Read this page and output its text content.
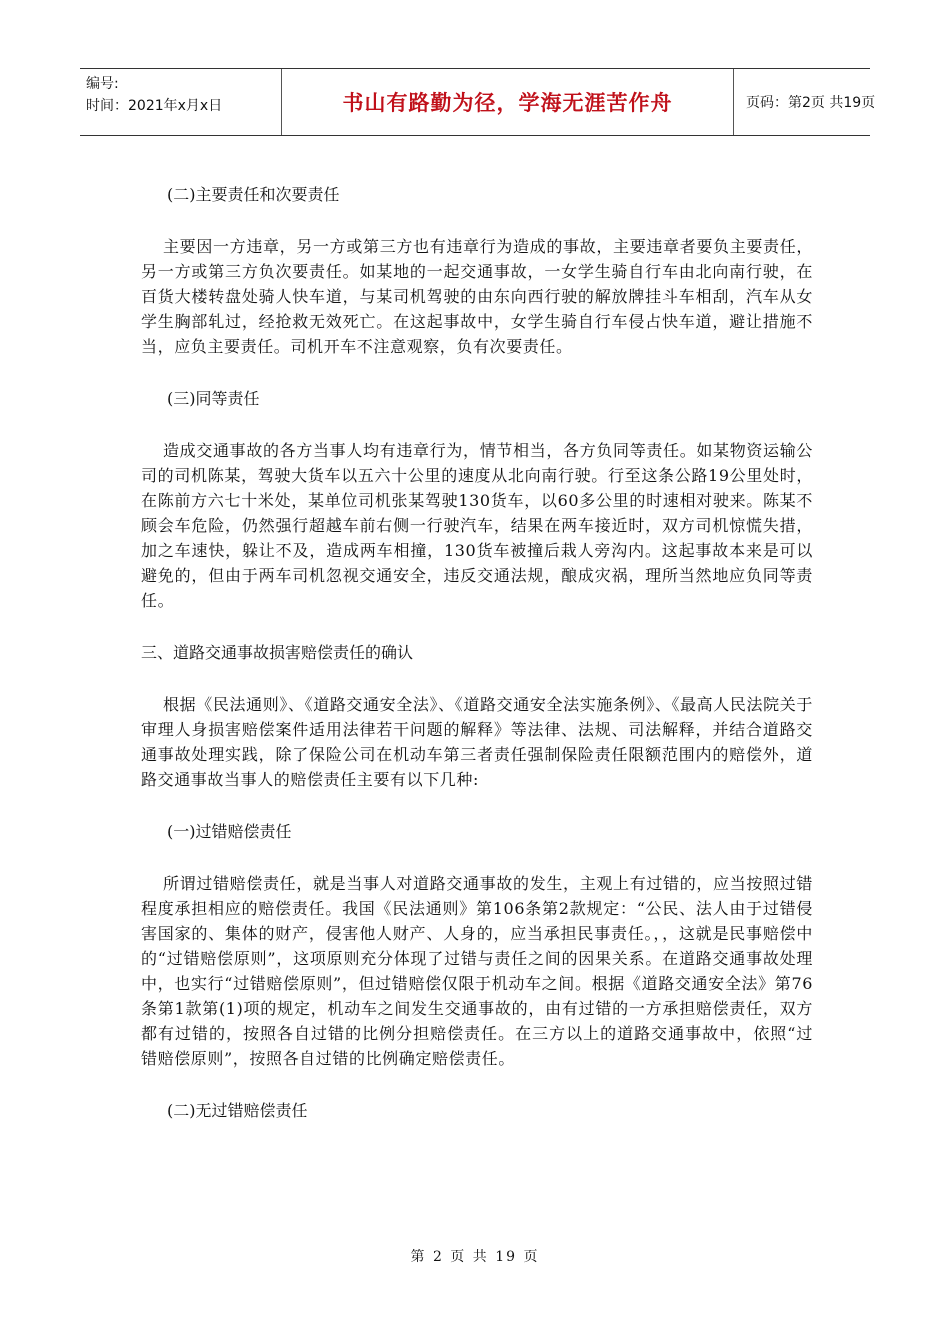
编号:
时间：2021年x月x日	书山有路勤为径，学海无涯苦作舟	页码：第2页 共19页

(二)主要责任和次要责任

主要因一方违章，另一方或第三方也有违章行为造成的事故，主要违章者要负主要责任，另一方或第三方负次要责任。如某地的一起交通事故，一女学生骑自行车由北向南行驶，在百货大楼转盘处骑人快车道，与某司机驾驶的由东向西行驶的解放牌挂斗车相刮，汽车从女学生胸部轧过，经抢救无效死亡。在这起事故中，女学生骑自行车侵占快车道，避让措施不当，应负主要责任。司机开车不注意观察，负有次要责任。

(三)同等责任

造成交通事故的各方当事人均有违章行为，情节相当，各方负同等责任。如某物资运输公司的司机陈某，驾驶大货车以五六十公里的速度从北向南行驶。行至这条公路19公里处时，在陈前方六七十米处，某单位司机张某驾驶130货车，以60多公里的时速相对驶来。陈某不顾会车危险，仍然强行超越车前右侧一行驶汽车，结果在两车接近时，双方司机惊慌失措，加之车速快，躲让不及，造成两车相撞，130货车被撞后栽人旁沟内。这起事故本来是可以避免的，但由于两车司机忽视交通安全，违反交通法规，酿成灾祸，理所当然地应负同等责任。

三、道路交通事故损害赔偿责任的确认

根据《民法通则》、《道路交通安全法》、《道路交通安全法实施条例》、《最高人民法院关于审理人身损害赔偿案件适用法律若干问题的解释》等法律、法规、司法解释，并结合道路交通事故处理实践，除了保险公司在机动车第三者责任强制保险责任限额范围内的赔偿外，道路交通事故当事人的赔偿责任主要有以下几种:

(一)过错赔偿责任

所谓过错赔偿责任，就是当事人对道路交通事故的发生，主观上有过错的，应当按照过错程度承担相应的赔偿责任。我国《民法通则》第106条第2款规定：“公民、法人由于过错侵害国家的、集体的财产，侵害他人财产、人身的，应当承担民事责任。，，这就是民事赔偿中的“过错赔偿原则”，这项原则充分体现了过错与责任之间的因果关系。在道路交通事故处理中，也实行“过错赔偿原则”，但过错赔偿仅限于机动车之间。根据《道路交通安全法》第76条第1款第(1)项的规定，机动车之间发生交通事故的，由有过错的一方承担赔偿责任，双方都有过错的，按照各自过错的比例分担赔偿责任。在三方以上的道路交通事故中，依照“过错赔偿原则”，按照各自过错的比例确定赔偿责任。

(二)无过错赔偿责任

第 2 页 共 19 页
